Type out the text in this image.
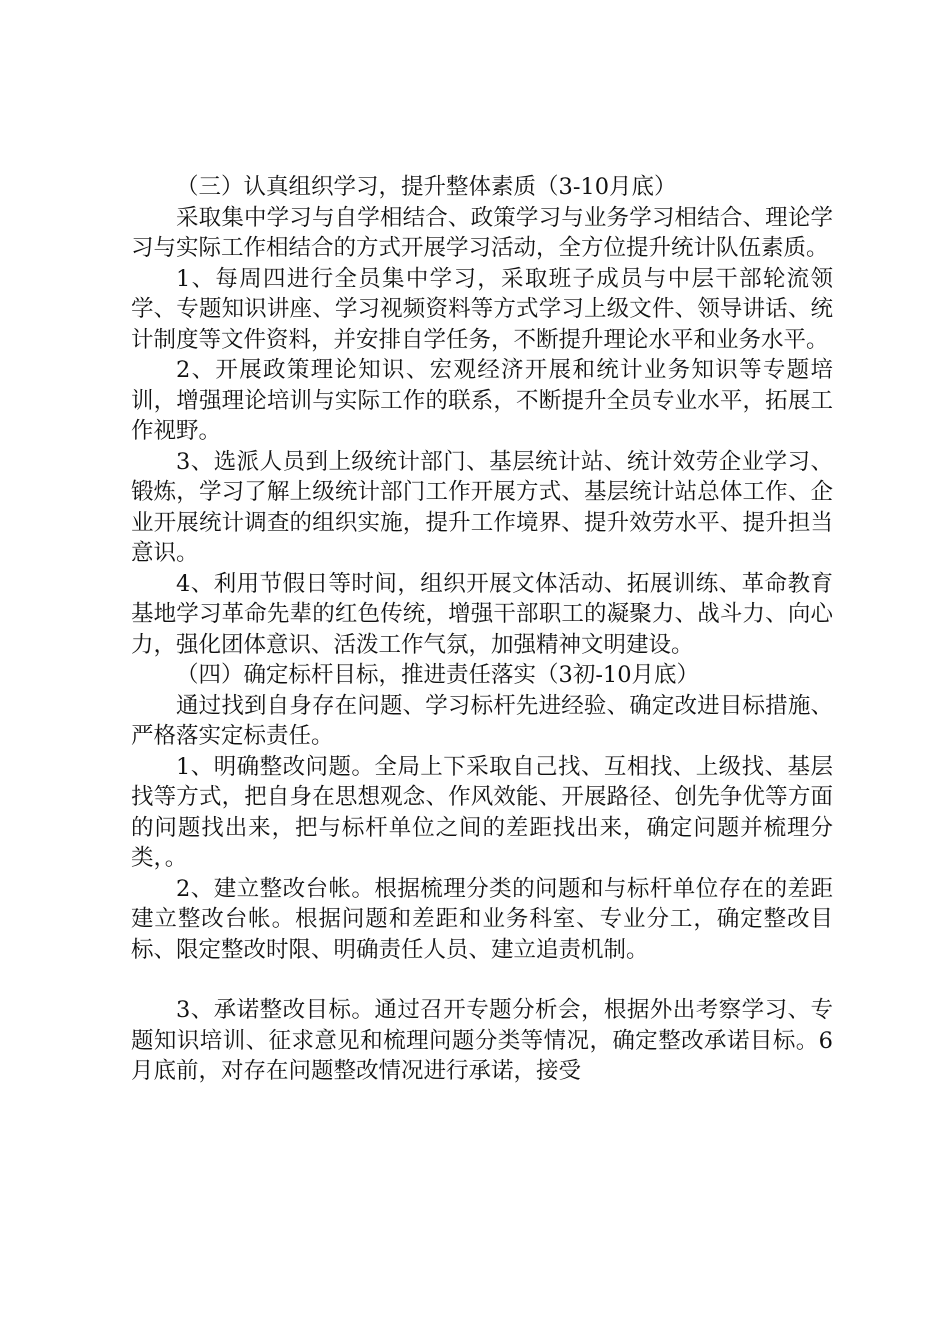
（三）认真组织学习，提升整体素质（3-10月底）

采取集中学习与自学相结合、政策学习与业务学习相结合、理论学习与实际工作相结合的方式开展学习活动，全方位提升统计队伍素质。

1、每周四进行全员集中学习，采取班子成员与中层干部轮流领学、专题知识讲座、学习视频资料等方式学习上级文件、领导讲话、统计制度等文件资料，并安排自学任务，不断提升理论水平和业务水平。

2、开展政策理论知识、宏观经济开展和统计业务知识等专题培训，增强理论培训与实际工作的联系，不断提升全员专业水平，拓展工作视野。

3、选派人员到上级统计部门、基层统计站、统计效劳企业学习、锻炼，学习了解上级统计部门工作开展方式、基层统计站总体工作、企业开展统计调查的组织实施，提升工作境界、提升效劳水平、提升担当意识。

4、利用节假日等时间，组织开展文体活动、拓展训练、革命教育基地学习革命先辈的红色传统，增强干部职工的凝聚力、战斗力、向心力，强化团体意识、活泼工作气氛，加强精神文明建设。

（四）确定标杆目标，推进责任落实（3初-10月底）

通过找到自身存在问题、学习标杆先进经验、确定改进目标措施、严格落实定标责任。

1、明确整改问题。全局上下采取自己找、互相找、上级找、基层找等方式，把自身在思想观念、作风效能、开展路径、创先争优等方面的问题找出来，把与标杆单位之间的差距找出来，确定问题并梳理分类，。

2、建立整改台帐。根据梳理分类的问题和与标杆单位存在的差距建立整改台帐。根据问题和差距和业务科室、专业分工，确定整改目标、限定整改时限、明确责任人员、建立追责机制。

3、承诺整改目标。通过召开专题分析会，根据外出考察学习、专题知识培训、征求意见和梳理问题分类等情况，确定整改承诺目标。6月底前，对存在问题整改情况进行承诺，接受
